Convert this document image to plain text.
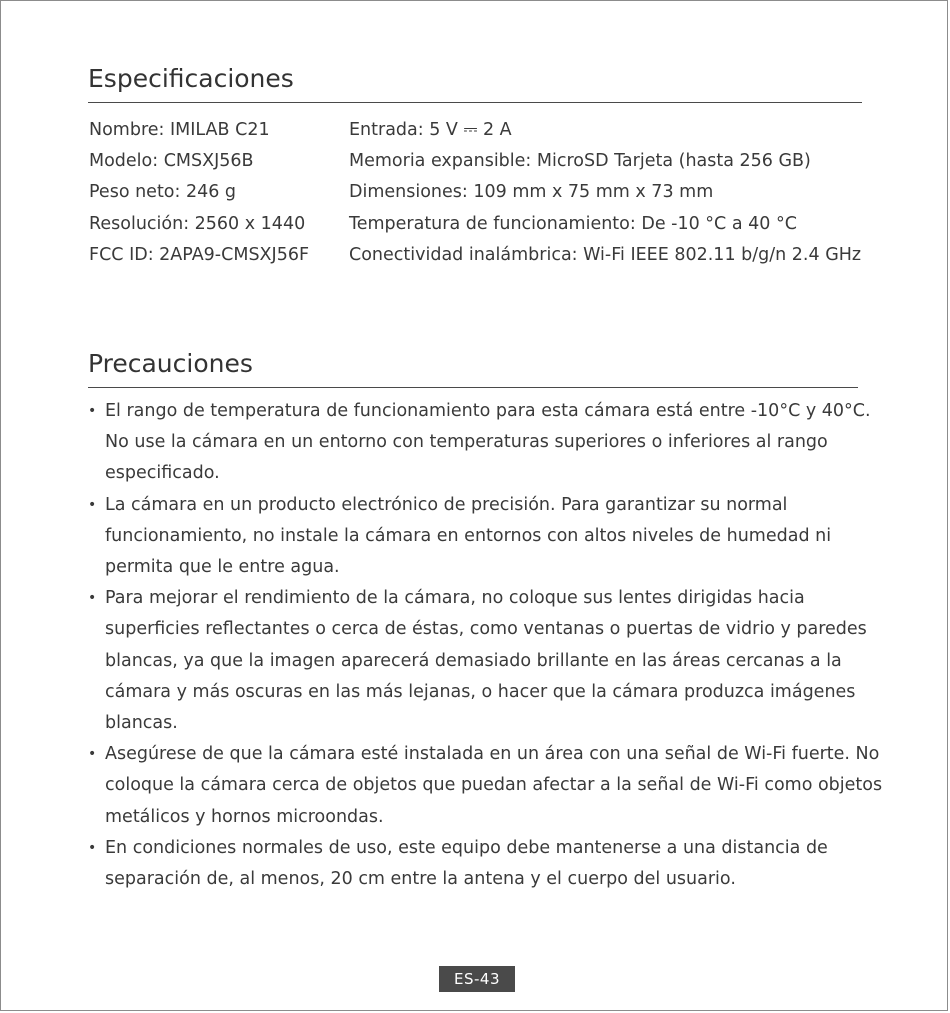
Especificaciones
Nombre: IMILAB C21
Modelo: CMSXJ56B
Peso neto: 246 g
Resolución: 2560 x 1440
FCC ID: 2APA9-CMSXJ56F
Entrada: 5 V ⎓ 2 A
Memoria expansible: MicroSD Tarjeta (hasta 256 GB)
Dimensiones: 109 mm x 75 mm x 73 mm
Temperatura de funcionamiento: De -10 °C a 40 °C
Conectividad inalámbrica: Wi-Fi IEEE 802.11 b/g/n 2.4 GHz
Precauciones
• El rango de temperatura de funcionamiento para esta cámara está entre -10°C y 40°C. No use la cámara en un entorno con temperaturas superiores o inferiores al rango especificado.
• La cámara en un producto electrónico de precisión. Para garantizar su normal funcionamiento, no instale la cámara en entornos con altos niveles de humedad ni permita que le entre agua.
• Para mejorar el rendimiento de la cámara, no coloque sus lentes dirigidas hacia superficies reflectantes o cerca de éstas, como ventanas o puertas de vidrio y paredes blancas, ya que la imagen aparecerá demasiado brillante en las áreas cercanas a la cámara y más oscuras en las más lejanas, o hacer que la cámara produzca imágenes blancas.
• Asegúrese de que la cámara esté instalada en un área con una señal de Wi-Fi fuerte. No coloque la cámara cerca de objetos que puedan afectar a la señal de Wi-Fi como objetos metálicos y hornos microondas.
• En condiciones normales de uso, este equipo debe mantenerse a una distancia de separación de, al menos, 20 cm entre la antena y el cuerpo del usuario.
ES-43
